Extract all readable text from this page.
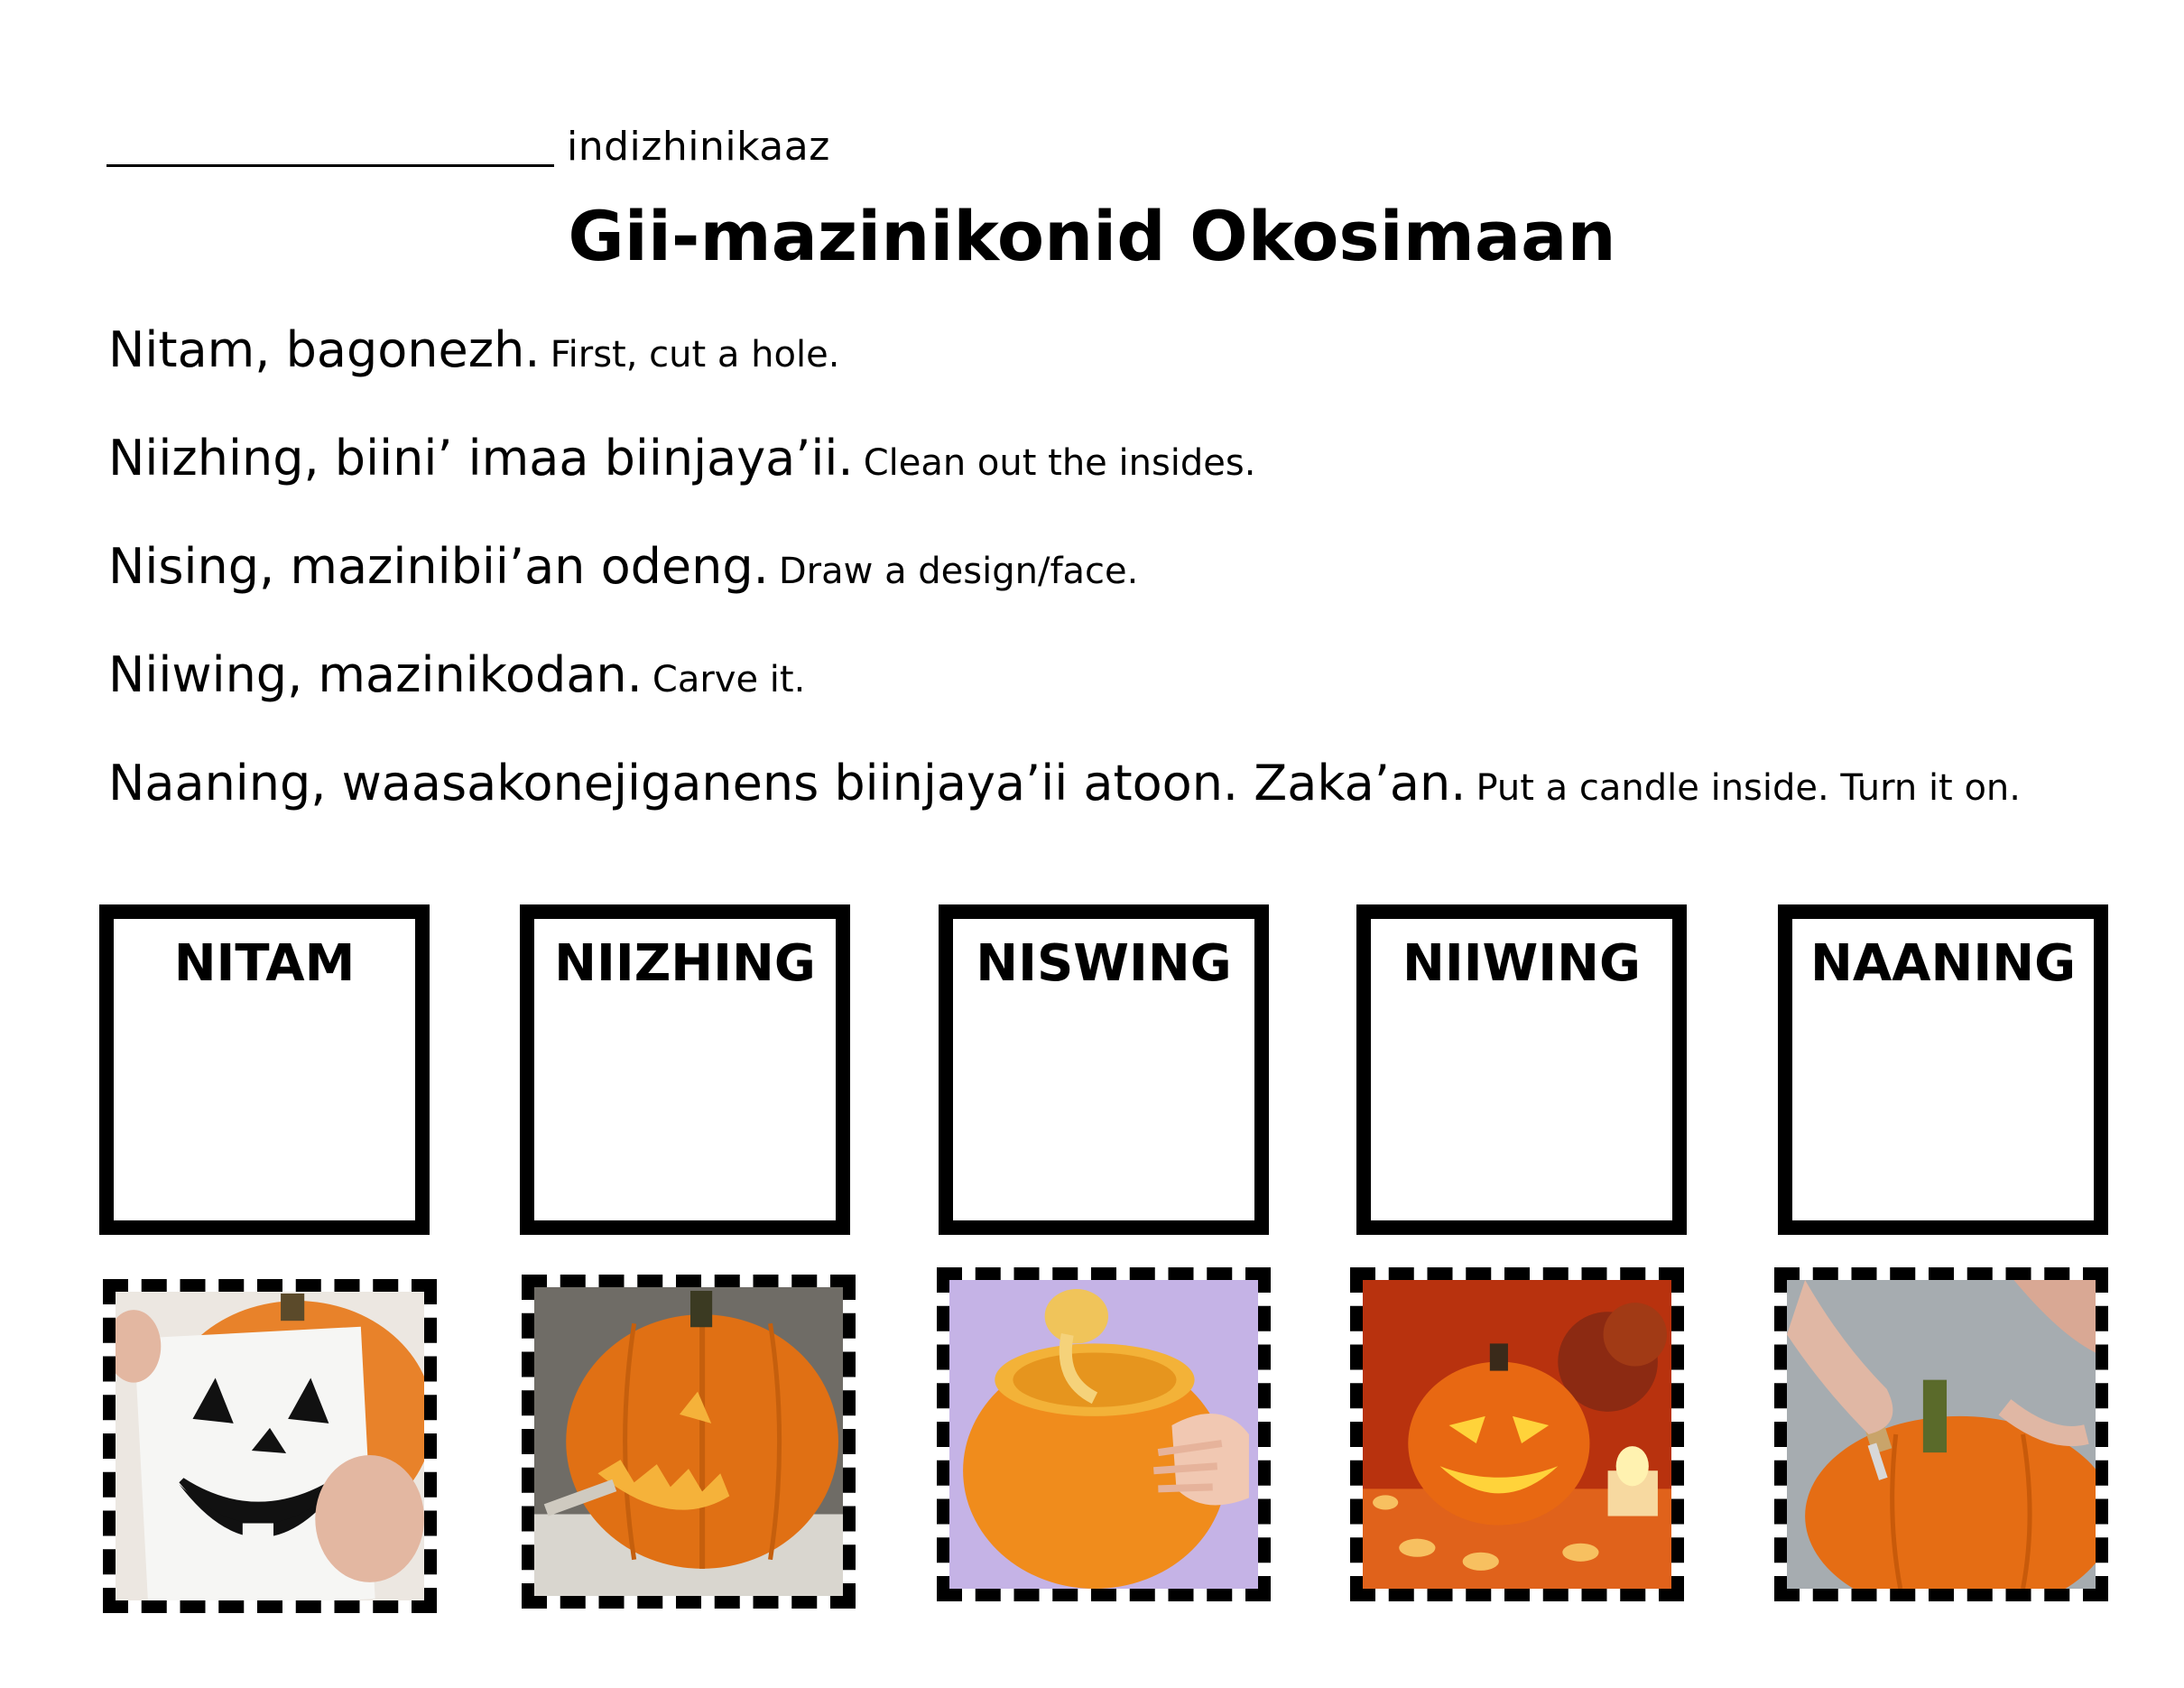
indizhinikaaz
Gii-mazinikonid Okosimaan
Nitam, bagonezh. First, cut a hole.
Niizhing, biini’ imaa biinjaya’ii. Clean out the insides.
Nising, mazinibii’an odeng. Draw a design/face.
Niiwing, mazinikodan. Carve it.
Naaning, waasakonejiganens biinjaya’ii atoon. Zaka’an. Put a candle inside. Turn it on.
NITAM	NIIZHING	NISWING	NIIWING	NAANING
